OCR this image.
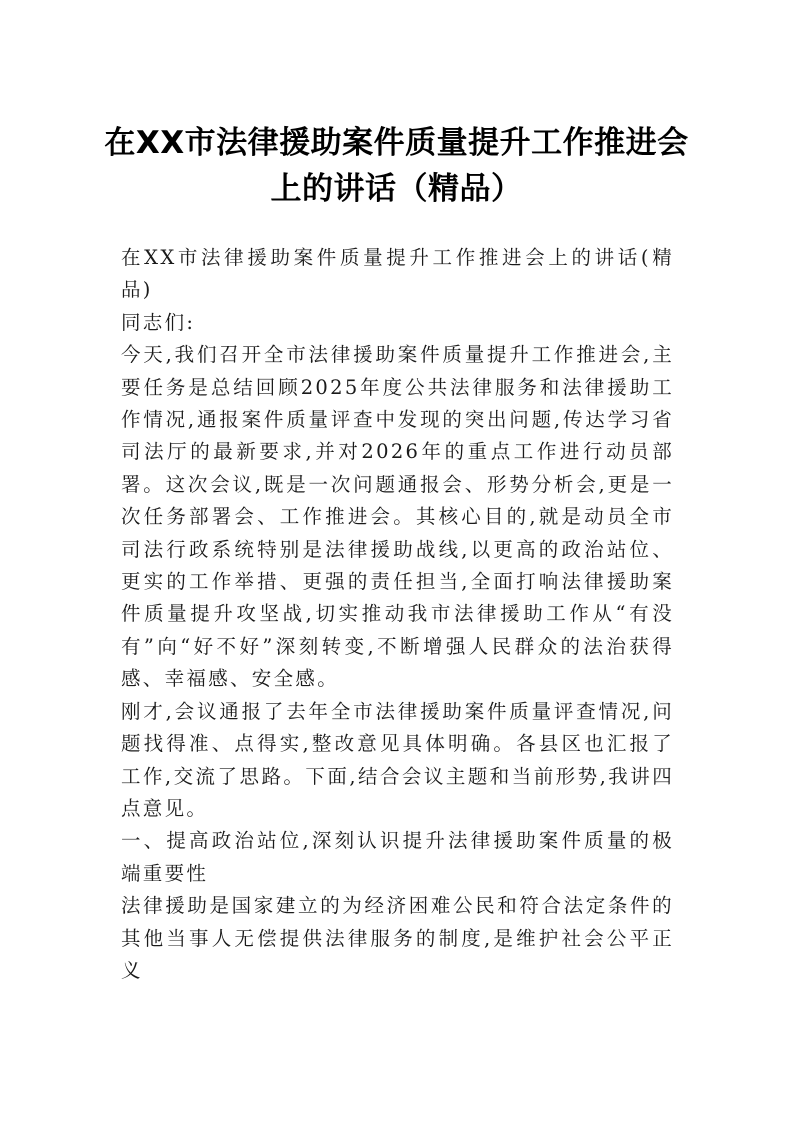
在XX市法律援助案件质量提升工作推进会上的讲话（精品）

在XX市法律援助案件质量提升工作推进会上的讲话(精品)

同志们:

今天,我们召开全市法律援助案件质量提升工作推进会,主要任务是总结回顾2025年度公共法律服务和法律援助工作情况,通报案件质量评查中发现的突出问题,传达学习省司法厅的最新要求,并对2026年的重点工作进行动员部署。这次会议,既是一次问题通报会、形势分析会,更是一次任务部署会、工作推进会。其核心目的,就是动员全市司法行政系统特别是法律援助战线,以更高的政治站位、更实的工作举措、更强的责任担当,全面打响法律援助案件质量提升攻坚战,切实推动我市法律援助工作从“有没有”向“好不好”深刻转变,不断增强人民群众的法治获得感、幸福感、安全感。

刚才,会议通报了去年全市法律援助案件质量评查情况,问题找得准、点得实,整改意见具体明确。各县区也汇报了工作,交流了思路。下面,结合会议主题和当前形势,我讲四点意见。

一、提高政治站位,深刻认识提升法律援助案件质量的极端重要性

法律援助是国家建立的为经济困难公民和符合法定条件的其他当事人无偿提供法律服务的制度,是维护社会公平正义
